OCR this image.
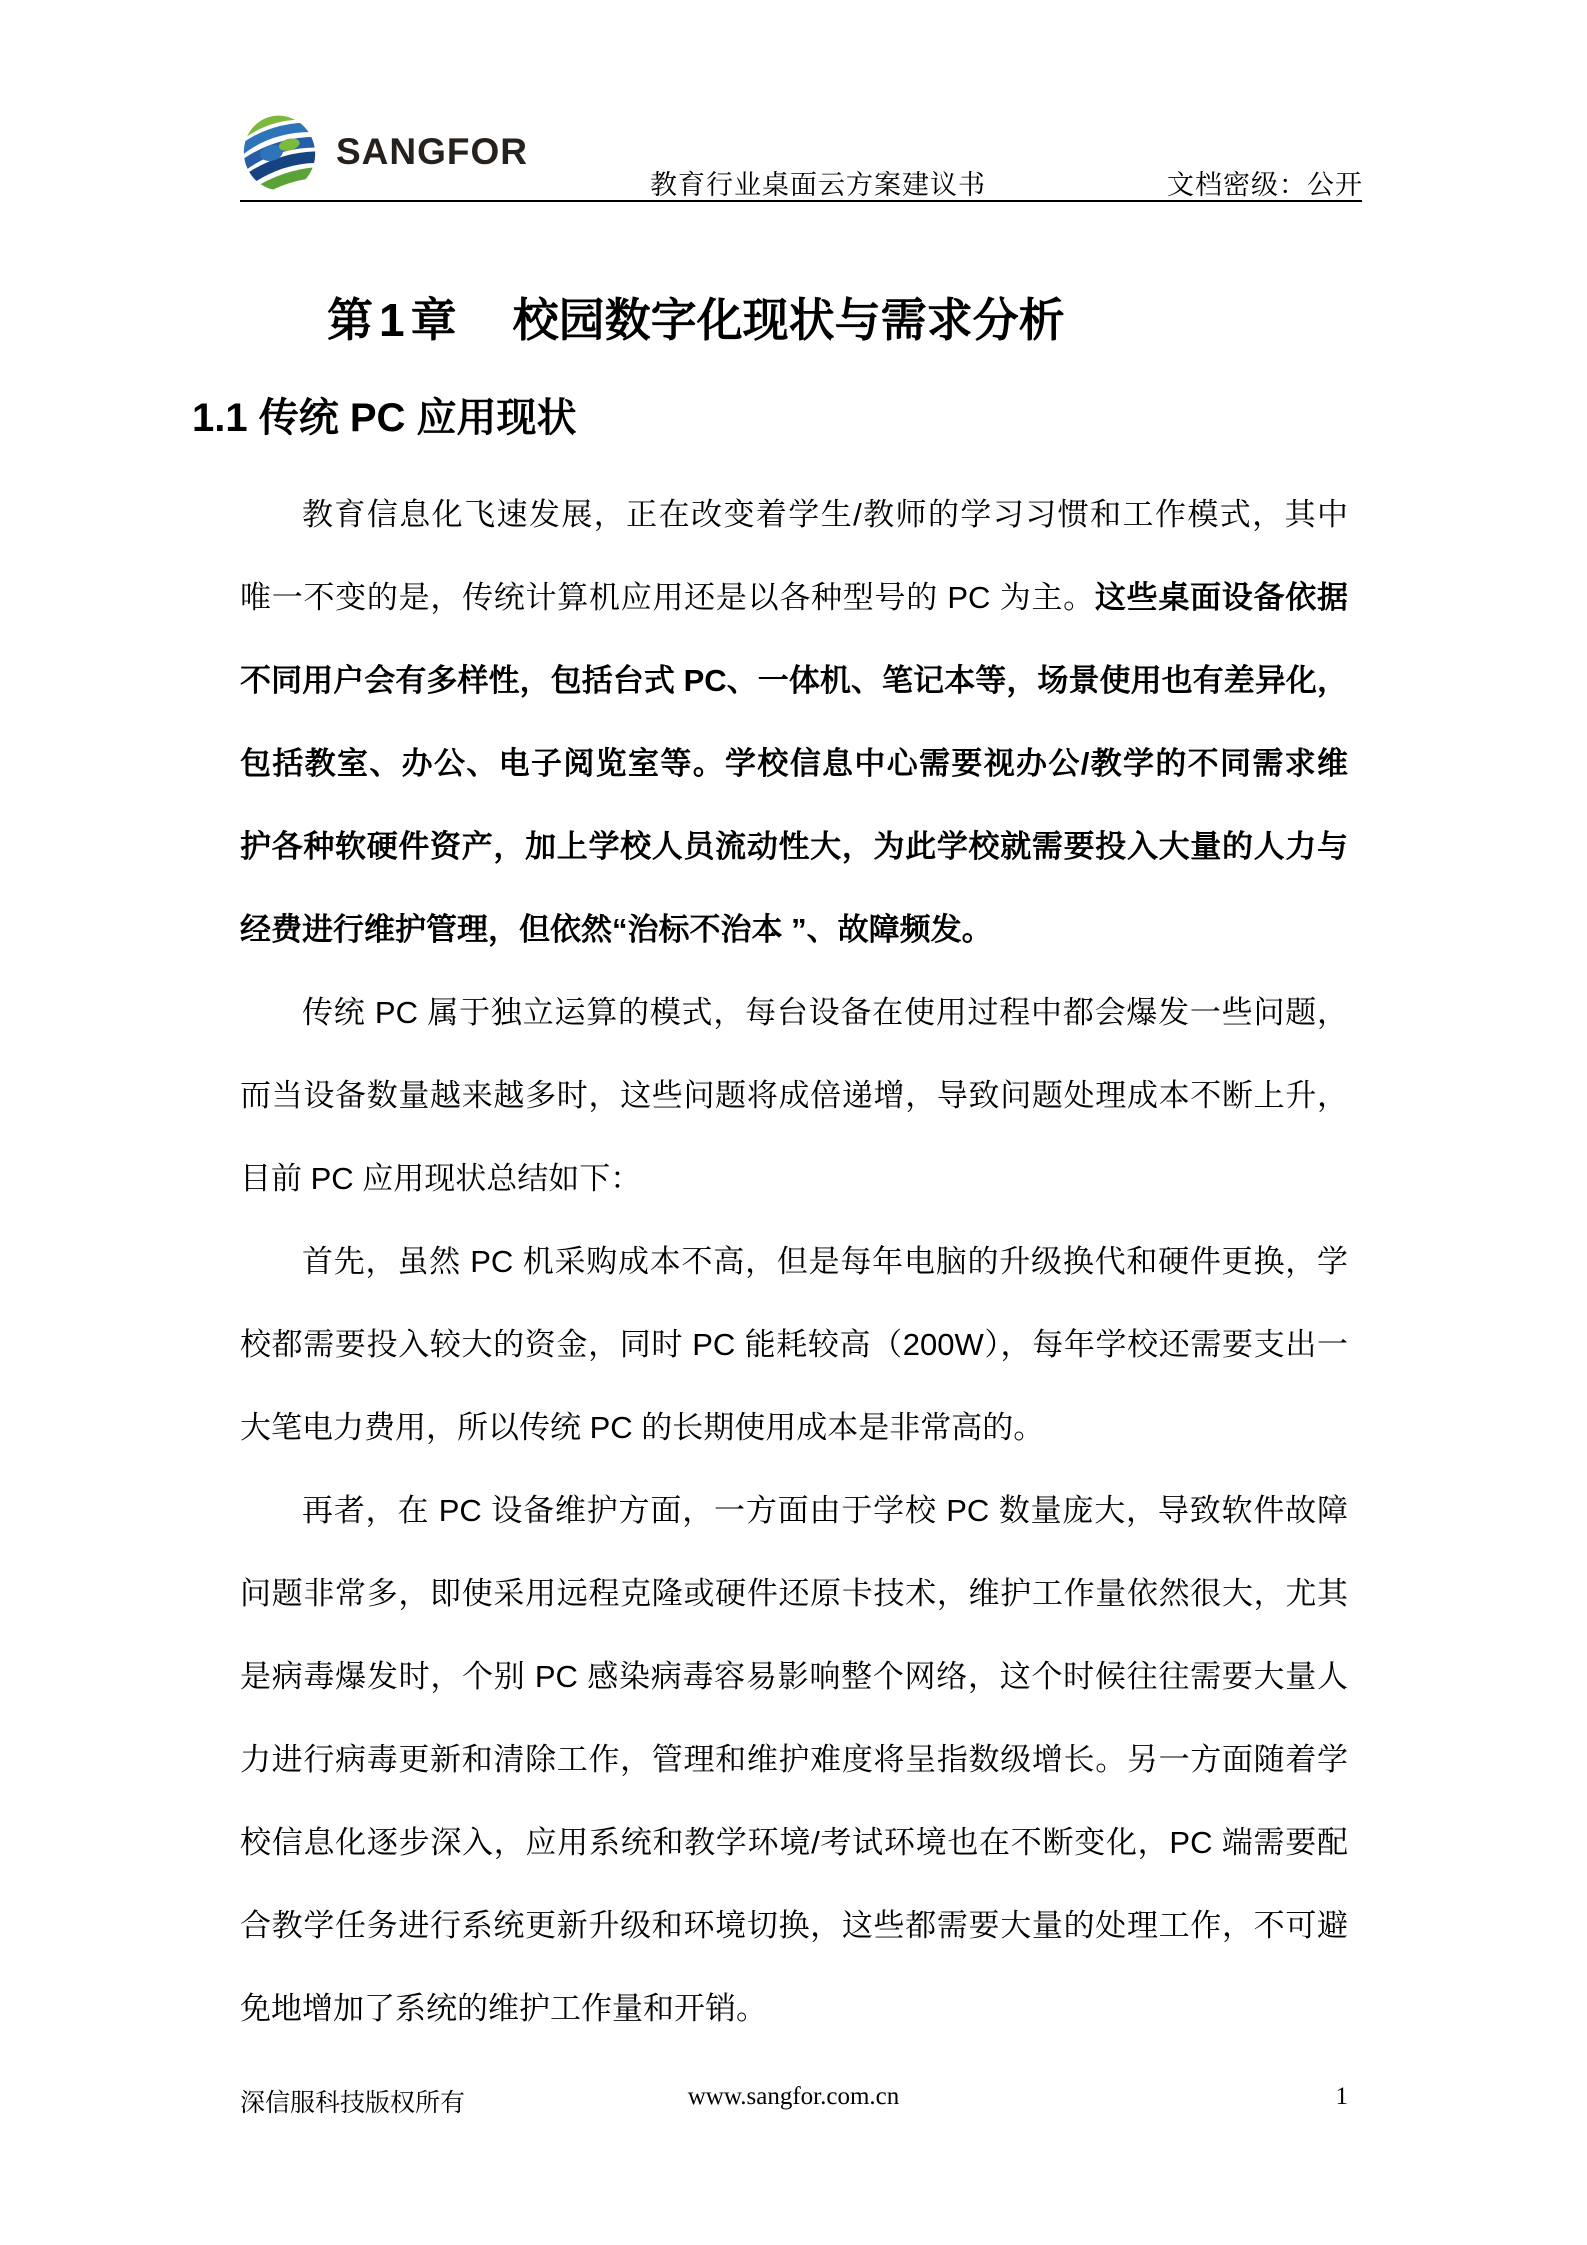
SANGFOR
教育行业桌面云方案建议书	文档密级：公开
第1章 校园数字化现状与需求分析
1.1 传统 PC 应用现状
教育信息化飞速发展，正在改变着学生/教师的学习习惯和工作模式，其中
唯一不变的是，传统计算机应用还是以各种型号的 PC 为主。这些桌面设备依据
不同用户会有多样性，包括台式 PC、一体机、笔记本等，场景使用也有差异化，
包括教室、办公、电子阅览室等。学校信息中心需要视办公/教学的不同需求维
护各种软硬件资产，加上学校人员流动性大，为此学校就需要投入大量的人力与
经费进行维护管理，但依然“治标不治本 ”、故障频发。
传统 PC 属于独立运算的模式，每台设备在使用过程中都会爆发一些问题，
而当设备数量越来越多时，这些问题将成倍递增，导致问题处理成本不断上升，
目前 PC 应用现状总结如下：
首先，虽然 PC 机采购成本不高，但是每年电脑的升级换代和硬件更换，学
校都需要投入较大的资金，同时 PC 能耗较高（200W），每年学校还需要支出一
大笔电力费用，所以传统 PC 的长期使用成本是非常高的。
再者，在 PC 设备维护方面，一方面由于学校 PC 数量庞大，导致软件故障
问题非常多，即使采用远程克隆或硬件还原卡技术，维护工作量依然很大，尤其
是病毒爆发时，个别 PC 感染病毒容易影响整个网络，这个时候往往需要大量人
力进行病毒更新和清除工作，管理和维护难度将呈指数级增长。另一方面随着学
校信息化逐步深入，应用系统和教学环境/考试环境也在不断变化，PC 端需要配
合教学任务进行系统更新升级和环境切换，这些都需要大量的处理工作，不可避
免地增加了系统的维护工作量和开销。
深信服科技版权所有	www.sangfor.com.cn	1
